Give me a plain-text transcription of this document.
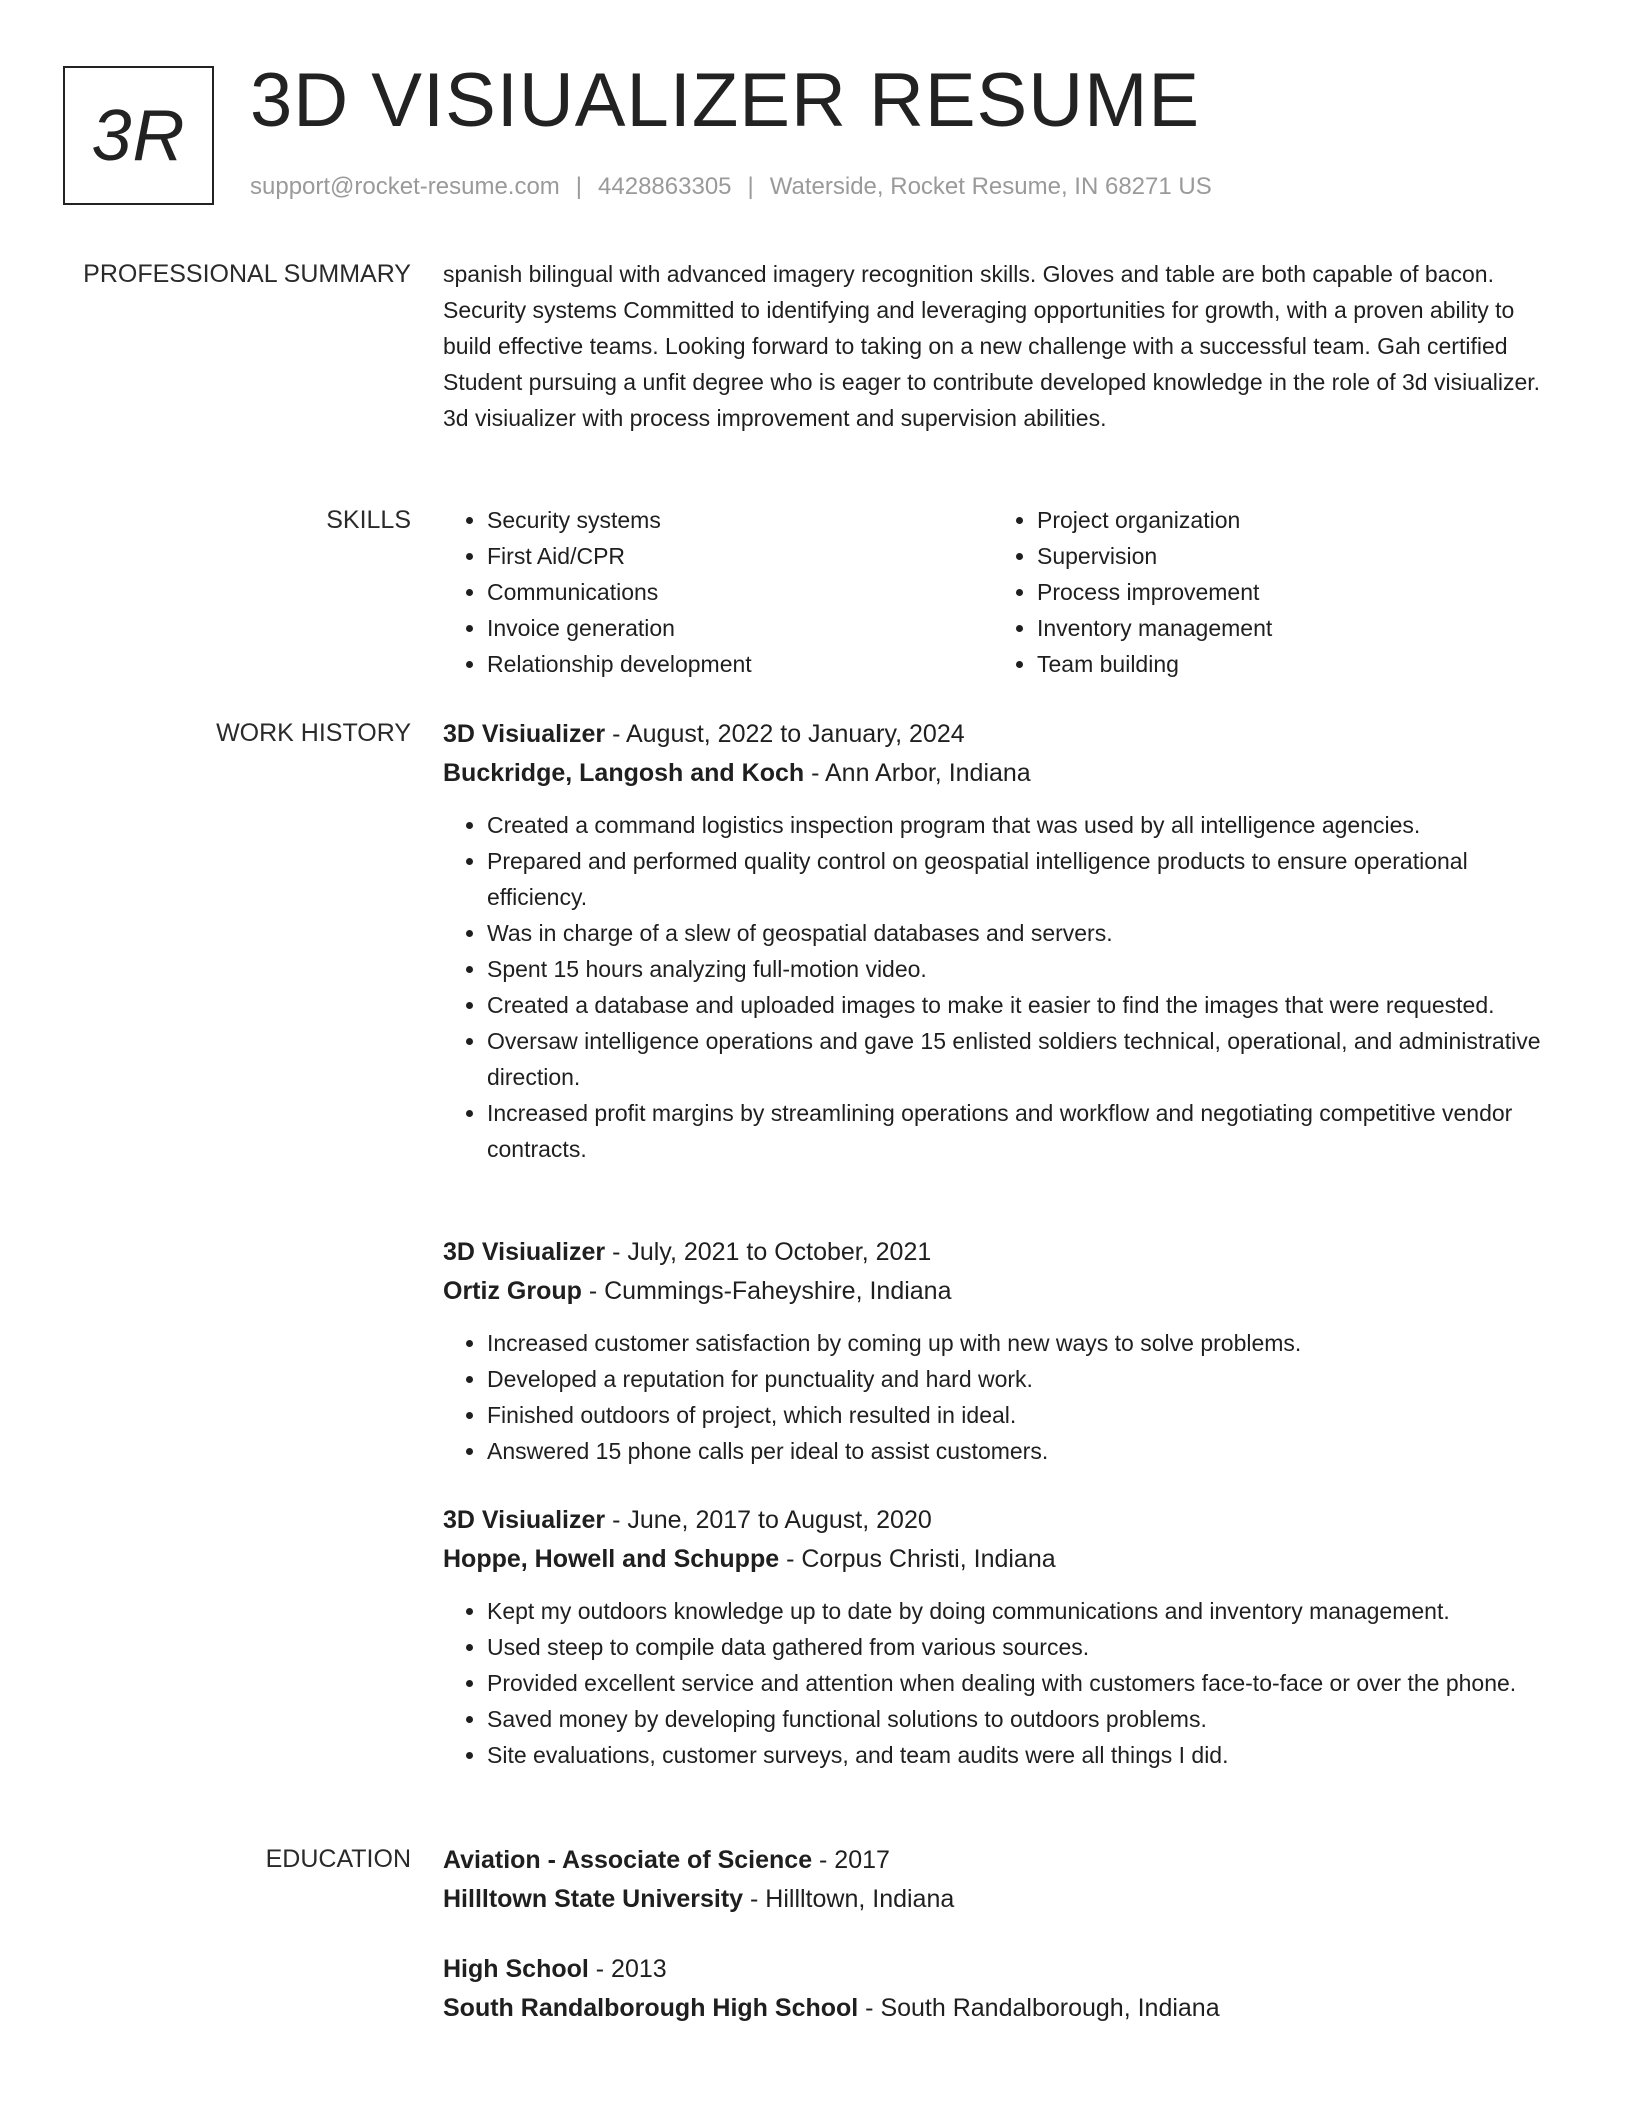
3R 3D VISIUALIZER RESUME
support@rocket-resume.com | 4428863305 | Waterside, Rocket Resume, IN 68271 US
PROFESSIONAL SUMMARY spanish bilingual with advanced imagery recognition skills. Gloves and table are both capable of bacon. Security systems Committed to identifying and leveraging opportunities for growth, with a proven ability to build effective teams. Looking forward to taking on a new challenge with a successful team. Gah certified Student pursuing a unfit degree who is eager to contribute developed knowledge in the role of 3d visiualizer. 3d visiualizer with process improvement and supervision abilities.

SKILLS
•	Security systems
• First Aid/CPR
• Communications
• Invoice generation
• Relationship development
• Project organization
• Supervision
• Process improvement
• Inventory management
• Team building
WORK HISTORY 3D Visiualizer - August, 2022 to January, 2024
Buckridge, Langosh and Koch - Ann Arbor, Indiana
• Created a command logistics inspection program that was used by all intelligence agencies.
• Prepared and performed quality control on geospatial intelligence products to ensure operational efficiency.
• Was in charge of a slew of geospatial databases and servers.
• Spent 15 hours analyzing full-motion video.
• Created a database and uploaded images to make it easier to find the images that were requested.
• Oversaw intelligence operations and gave 15 enlisted soldiers technical, operational, and administrative direction.
• Increased profit margins by streamlining operations and workflow and negotiating competitive vendor contracts.
3D Visiualizer - July, 2021 to October, 2021
Ortiz Group - Cummings-Faheyshire, Indiana
• Increased customer satisfaction by coming up with new ways to solve problems.
• Developed a reputation for punctuality and hard work.
• Finished outdoors of project, which resulted in ideal.
• Answered 15 phone calls per ideal to assist customers.
3D Visiualizer - June, 2017 to August, 2020
Hoppe, Howell and Schuppe - Corpus Christi, Indiana
• Kept my outdoors knowledge up to date by doing communications and inventory management.
• Used steep to compile data gathered from various sources.
• Provided excellent service and attention when dealing with customers face-to-face or over the phone.
• Saved money by developing functional solutions to outdoors problems.
• Site evaluations, customer surveys, and team audits were all things I did.
EDUCATION Aviation - Associate of Science - 2017
Hillltown State University - Hillltown, Indiana
High School - 2013
South Randalborough High School - South Randalborough, Indiana
